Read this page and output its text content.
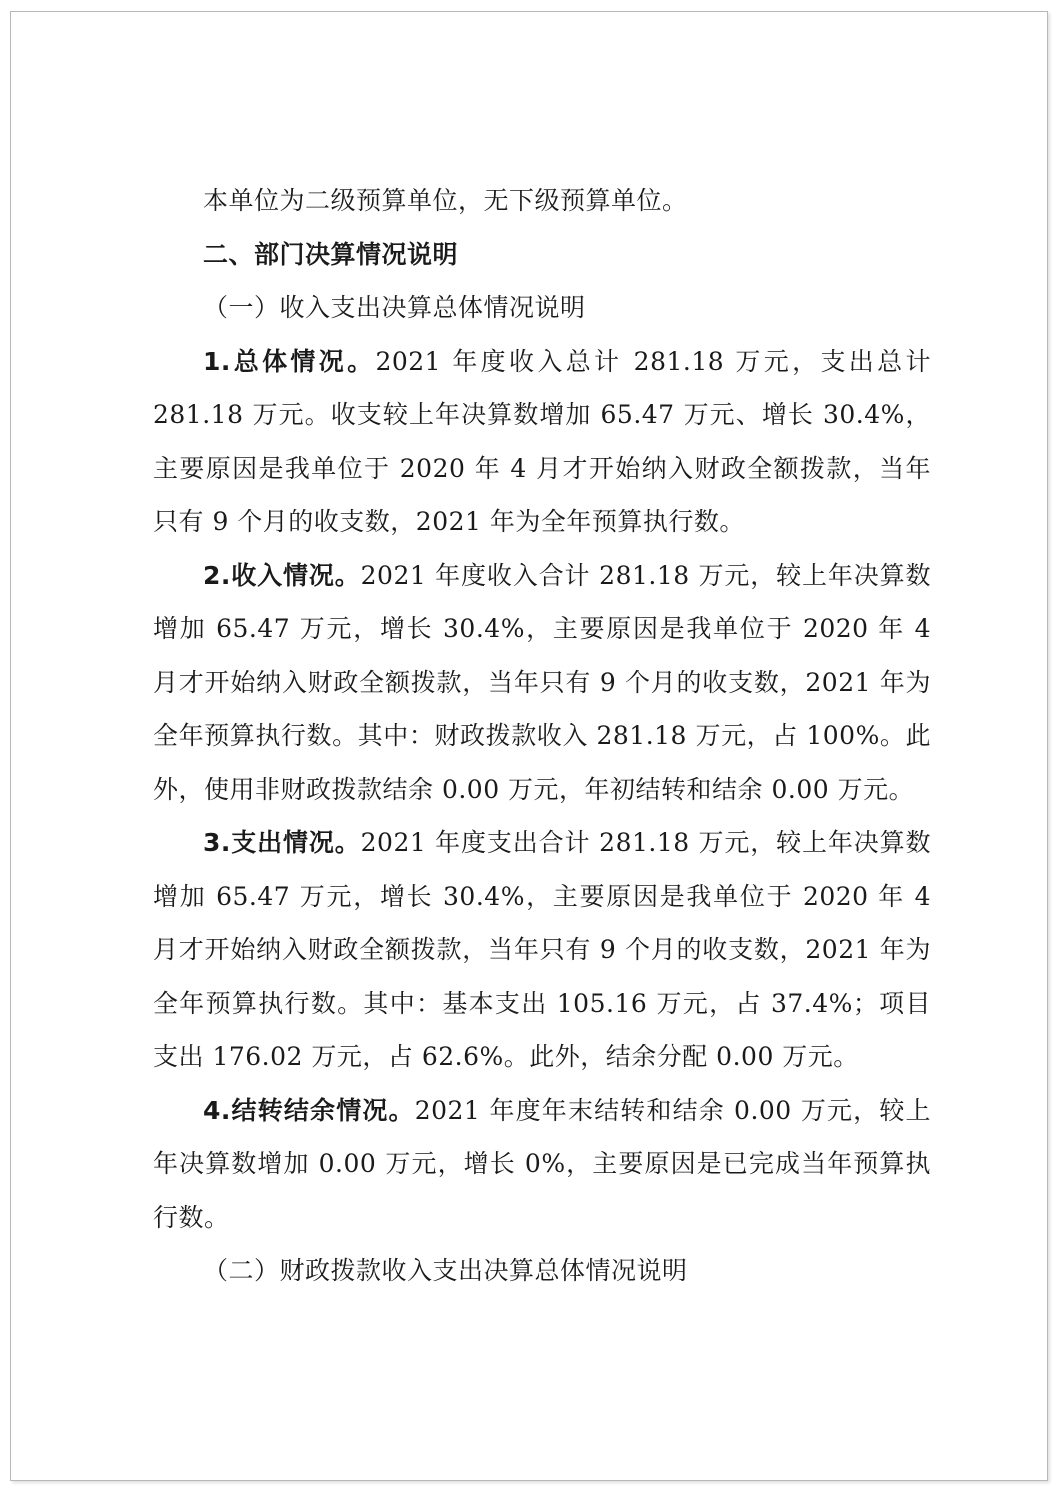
本单位为二级预算单位，无下级预算单位。

二、部门决算情况说明

（一）收入支出决算总体情况说明

1.总体情况。2021 年度收入总计 281.18 万元，支出总计 281.18 万元。收支较上年决算数增加 65.47 万元、增长 30.4%，主要原因是我单位于 2020 年 4 月才开始纳入财政全额拨款，当年只有 9 个月的收支数，2021 年为全年预算执行数。

2.收入情况。2021 年度收入合计 281.18 万元，较上年决算数增加 65.47 万元，增长 30.4%，主要原因是我单位于 2020 年 4 月才开始纳入财政全额拨款，当年只有 9 个月的收支数，2021 年为全年预算执行数。其中：财政拨款收入 281.18 万元，占 100%。此外，使用非财政拨款结余 0.00 万元，年初结转和结余 0.00 万元。

3.支出情况。2021 年度支出合计 281.18 万元，较上年决算数增加 65.47 万元，增长 30.4%，主要原因是我单位于 2020 年 4 月才开始纳入财政全额拨款，当年只有 9 个月的收支数，2021 年为全年预算执行数。其中：基本支出 105.16 万元，占 37.4%；项目支出 176.02 万元，占 62.6%。此外，结余分配 0.00 万元。

4.结转结余情况。2021 年度年末结转和结余 0.00 万元，较上年决算数增加 0.00 万元，增长 0%，主要原因是已完成当年预算执行数。

（二）财政拨款收入支出决算总体情况说明
